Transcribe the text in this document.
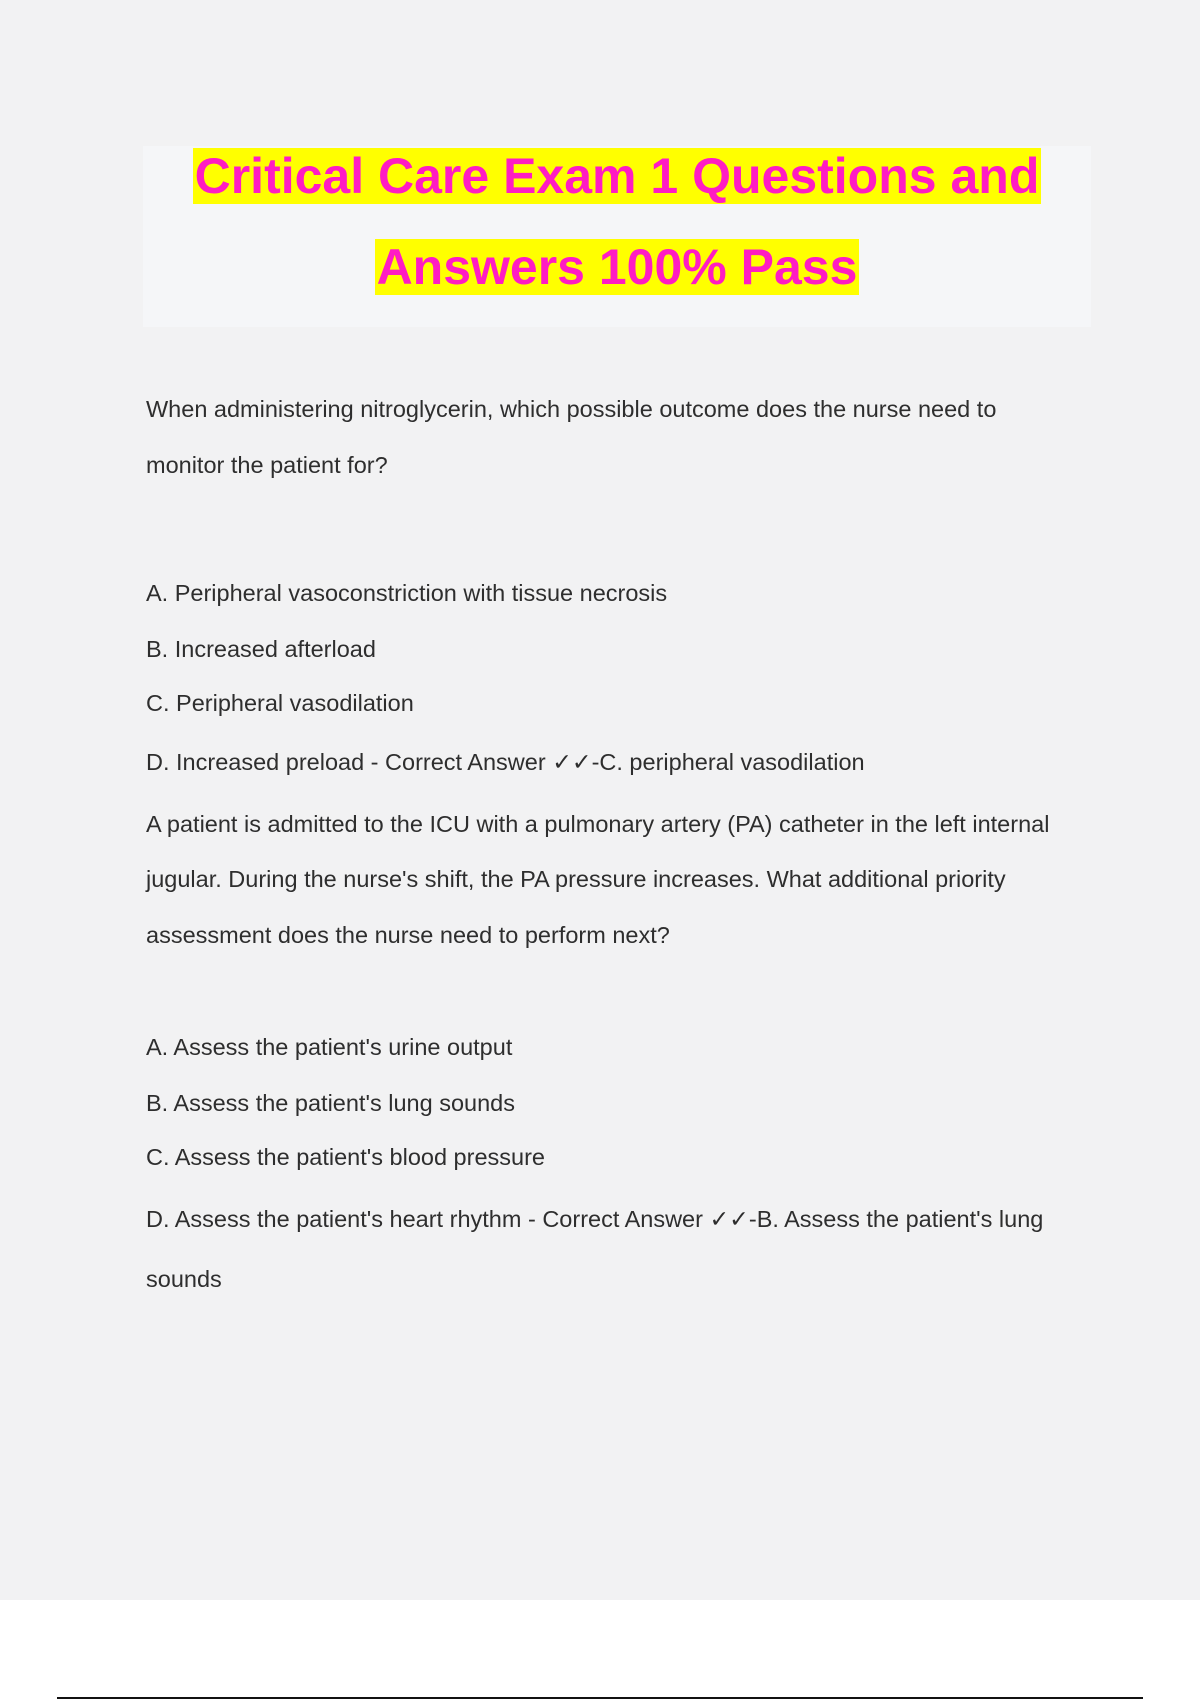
Critical Care Exam 1 Questions and
Answers 100% Pass

When administering nitroglycerin, which possible outcome does the nurse need to

monitor the patient for?

A. Peripheral vasoconstriction with tissue necrosis

B. Increased afterload

C. Peripheral vasodilation

D. Increased preload - Correct Answer ✓✓-C. peripheral vasodilation

A patient is admitted to the ICU with a pulmonary artery (PA) catheter in the left internal

jugular. During the nurse's shift, the PA pressure increases. What additional priority

assessment does the nurse need to perform next?

A. Assess the patient's urine output

B. Assess the patient's lung sounds

C. Assess the patient's blood pressure

D. Assess the patient's heart rhythm - Correct Answer ✓✓-B. Assess the patient's lung

sounds
